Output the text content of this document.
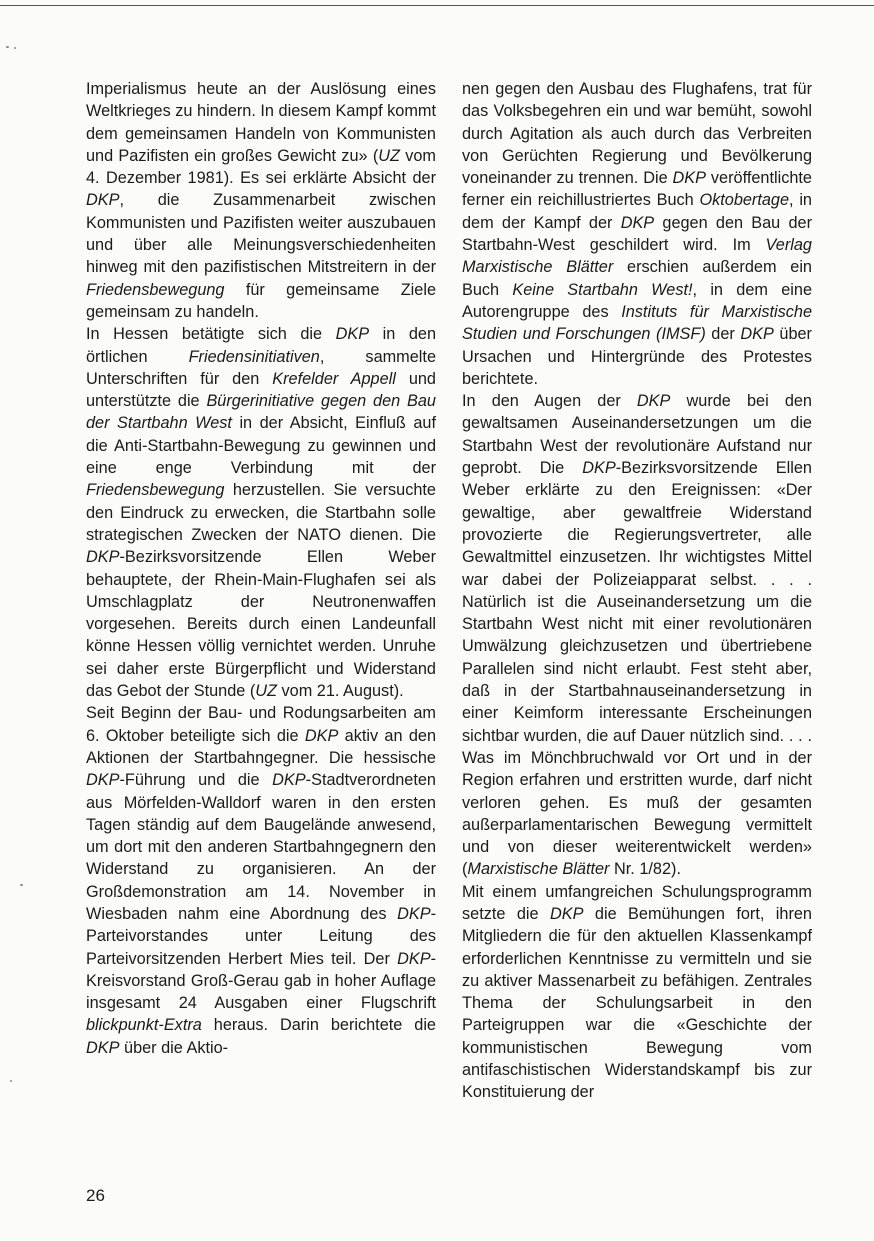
Imperialismus heute an der Auslösung eines Weltkrieges zu hindern. In diesem Kampf kommt dem gemeinsamen Handeln von Kommunisten und Pazifisten ein großes Gewicht zu» (UZ vom 4. Dezember 1981). Es sei erklärte Absicht der DKP, die Zusammenarbeit zwischen Kommunisten und Pazifisten weiter auszubauen und über alle Meinungsverschiedenheiten hinweg mit den pazifistischen Mitstreitern in der Friedensbewegung für gemeinsame Ziele gemeinsam zu handeln.

In Hessen betätigte sich die DKP in den örtlichen Friedensinitiativen, sammelte Unterschriften für den Krefelder Appell und unterstützte die Bürgerinitiative gegen den Bau der Startbahn West in der Absicht, Einfluß auf die Anti-Startbahn-Bewegung zu gewinnen und eine enge Verbindung mit der Friedensbewegung herzustellen. Sie versuchte den Eindruck zu erwecken, die Startbahn solle strategischen Zwecken der NATO dienen. Die DKP-Bezirksvorsitzende Ellen Weber behauptete, der Rhein-Main-Flughafen sei als Umschlagplatz der Neutronenwaffen vorgesehen. Bereits durch einen Landeunfall könne Hessen völlig vernichtet werden. Unruhe sei daher erste Bürgerpflicht und Widerstand das Gebot der Stunde (UZ vom 21. August).

Seit Beginn der Bau- und Rodungsarbeiten am 6. Oktober beteiligte sich die DKP aktiv an den Aktionen der Startbahngegner. Die hessische DKP-Führung und die DKP-Stadtverordneten aus Mörfelden-Walldorf waren in den ersten Tagen ständig auf dem Baugelände anwesend, um dort mit den anderen Startbahngegnern den Widerstand zu organisieren. An der Großdemonstration am 14. November in Wiesbaden nahm eine Abordnung des DKP-Parteivorstandes unter Leitung des Parteivorsitzenden Herbert Mies teil. Der DKP-Kreisvorstand Groß-Gerau gab in hoher Auflage insgesamt 24 Ausgaben einer Flugschrift blickpunkt-Extra heraus. Darin berichtete die DKP über die Aktio-

nen gegen den Ausbau des Flughafens, trat für das Volksbegehren ein und war bemüht, sowohl durch Agitation als auch durch das Verbreiten von Gerüchten Regierung und Bevölkerung voneinander zu trennen. Die DKP veröffentlichte ferner ein reichillustriertes Buch Oktobertage, in dem der Kampf der DKP gegen den Bau der Startbahn-West geschildert wird. Im Verlag Marxistische Blätter erschien außerdem ein Buch Keine Startbahn West!, in dem eine Autorengruppe des Instituts für Marxistische Studien und Forschungen (IMSF) der DKP über Ursachen und Hintergründe des Protestes berichtete.

In den Augen der DKP wurde bei den gewaltsamen Auseinandersetzungen um die Startbahn West der revolutionäre Aufstand nur geprobt. Die DKP-Bezirksvorsitzende Ellen Weber erklärte zu den Ereignissen: «Der gewaltige, aber gewaltfreie Widerstand provozierte die Regierungsvertreter, alle Gewaltmittel einzusetzen. Ihr wichtigstes Mittel war dabei der Polizeiapparat selbst. . . . Natürlich ist die Auseinandersetzung um die Startbahn West nicht mit einer revolutionären Umwälzung gleichzusetzen und übertriebene Parallelen sind nicht erlaubt. Fest steht aber, daß in der Startbahnauseinandersetzung in einer Keimform interessante Erscheinungen sichtbar wurden, die auf Dauer nützlich sind. . . . Was im Mönchbruchwald vor Ort und in der Region erfahren und erstritten wurde, darf nicht verloren gehen. Es muß der gesamten außerparlamentarischen Bewegung vermittelt und von dieser weiterentwickelt werden» (Marxistische Blätter Nr. 1/82).

Mit einem umfangreichen Schulungsprogramm setzte die DKP die Bemühungen fort, ihren Mitgliedern die für den aktuellen Klassenkampf erforderlichen Kenntnisse zu vermitteln und sie zu aktiver Massenarbeit zu befähigen. Zentrales Thema der Schulungsarbeit in den Parteigruppen war die «Geschichte der kommunistischen Bewegung vom antifaschistischen Widerstandskampf bis zur Konstituierung der

26
